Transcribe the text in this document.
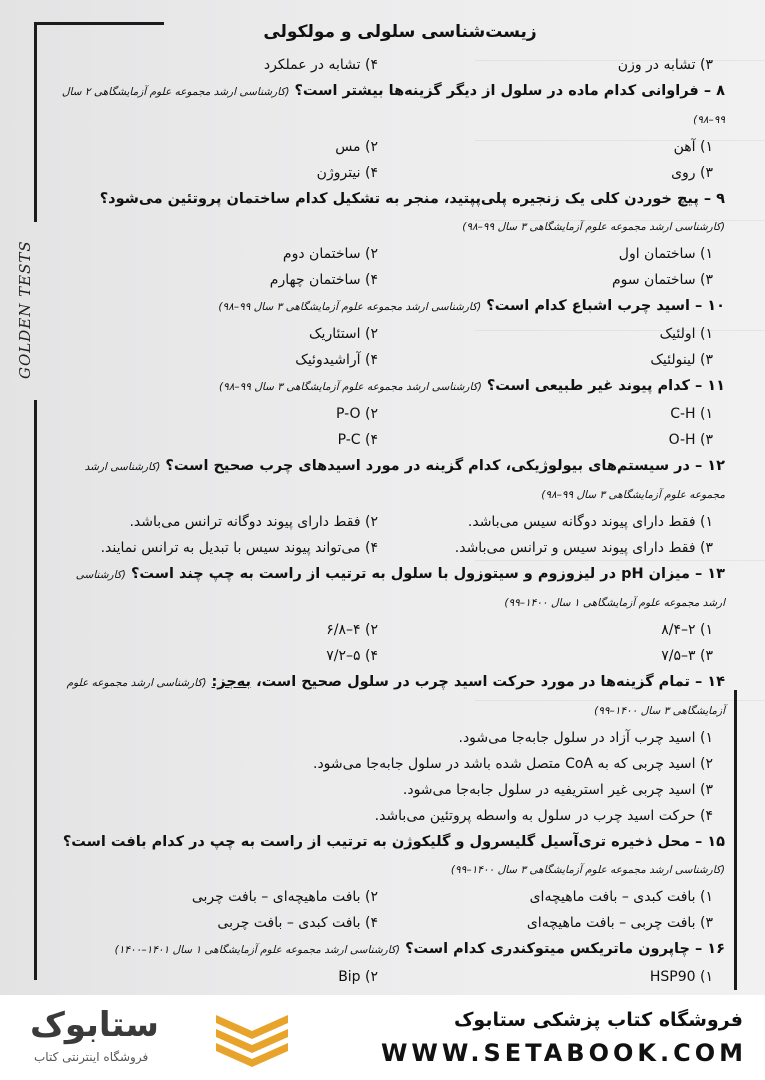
GOLDEN TESTS
زیست‌شناسی سلولی و مولکولی
۳) تشابه در وزن
۴) تشابه در عملکرد
۸ – فراوانی کدام ماده در سلول از دیگر گزینه‌ها بیشتر است؟ (کارشناسی ارشد مجموعه علوم آزمایشگاهی ۲ سال ۹۹–۹۸)
۱) آهن
۲) مس
۳) روی
۴) نیتروژن
۹ – پیچ خوردن کلی یک زنجیره پلی‌پپتید، منجر به تشکیل کدام ساختمان پروتئین می‌شود؟ (کارشناسی ارشد مجموعه علوم آزمایشگاهی ۳ سال ۹۹–۹۸)
۱) ساختمان اول
۲) ساختمان دوم
۳) ساختمان سوم
۴) ساختمان چهارم
۱۰ – اسید چرب اشباع کدام است؟ (کارشناسی ارشد مجموعه علوم آزمایشگاهی ۳ سال ۹۹–۹۸)
۱) اولئیک
۲) استئاریک
۳) لینولئیک
۴) آراشیدوئیک
۱۱ – کدام پیوند غیر طبیعی است؟ (کارشناسی ارشد مجموعه علوم آزمایشگاهی ۳ سال ۹۹–۹۸)
C-H (۱
P-O (۲
O-H (۳
P-C (۴
۱۲ – در سیستم‌های بیولوژیکی، کدام گزینه در مورد اسیدهای چرب صحیح است؟ (کارشناسی ارشد مجموعه علوم آزمایشگاهی ۳ سال ۹۹–۹۸)
۱) فقط دارای پیوند دوگانه سیس می‌باشد.
۲) فقط دارای پیوند دوگانه ترانس می‌باشد.
۳) فقط دارای پیوند سیس و ترانس می‌باشد.
۴) می‌تواند پیوند سیس با تبدیل به ترانس نمایند.
۱۳ – میزان pH در لیزوزوم و سیتوزول با سلول به ترتیب از راست به چپ چند است؟ (کارشناسی ارشد مجموعه علوم آزمایشگاهی ۱ سال ۱۴۰۰–۹۹)
۱) ۲–۸/۴
۲) ۴–۶/۸
۳) ۳–۷/۵
۴) ۵–۷/۲
۱۴ – تمام گزینه‌ها در مورد حرکت اسید چرب در سلول صحیح است، به‌جز: (کارشناسی ارشد مجموعه علوم آزمایشگاهی ۳ سال ۱۴۰۰–۹۹)
۱) اسید چرب آزاد در سلول جابه‌جا می‌شود.
۲) اسید چربی که به CoA متصل شده باشد در سلول جابه‌جا می‌شود.
۳) اسید چربی غیر استریفیه در سلول جابه‌جا می‌شود.
۴) حرکت اسید چرب در سلول به واسطه پروتئین می‌باشد.
۱۵ – محل ذخیره تری‌آسیل گلیسرول و گلیکوژن به ترتیب از راست به چپ در کدام بافت است؟ (کارشناسی ارشد مجموعه علوم آزمایشگاهی ۳ سال ۱۴۰۰–۹۹)
۱) بافت کبدی – بافت ماهیچه‌ای
۲) بافت ماهیچه‌ای – بافت چربی
۳) بافت چربی – بافت ماهیچه‌ای
۴) بافت کبدی – بافت چربی
۱۶ – چاپرون ماتریکس میتوکندری کدام است؟ (کارشناسی ارشد مجموعه علوم آزمایشگاهی ۱ سال ۱۴۰۱–۱۴۰۰)
HSP90 (۱
Bip (۲
فروشگاه کتاب پزشکی ستابوک
WWW.SETABOOK.COM
ستابوک
فروشگاه اینترنتی کتاب
